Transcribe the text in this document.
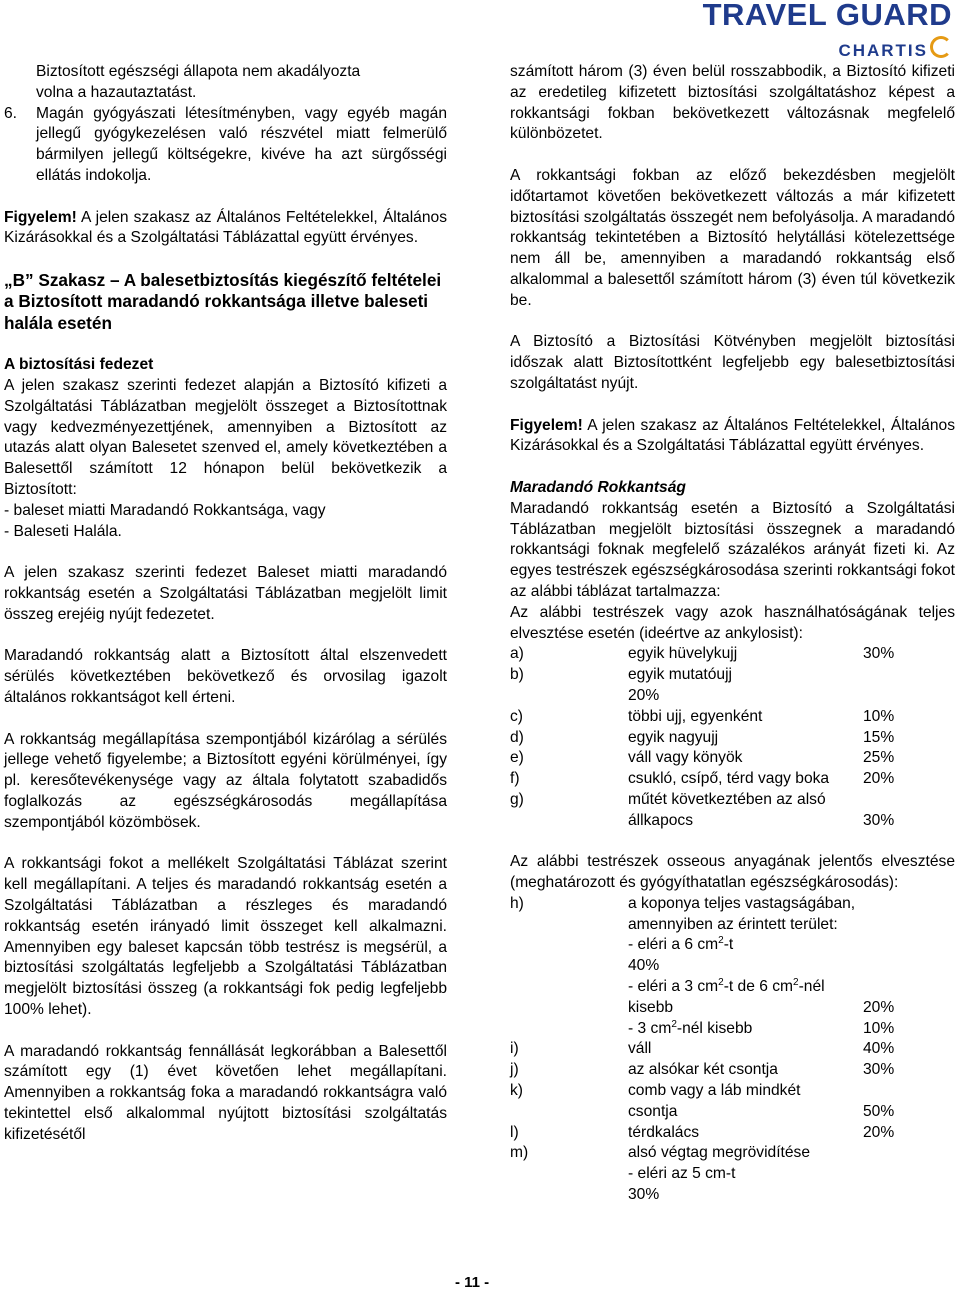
TRAVEL GUARD
CHARTIS
Biztosított egészségi állapota nem akadályozta
volna a hazautaztatást.
6. Magán gyógyászati létesítményben, vagy egyéb magán jellegű gyógykezelésen való részvétel miatt felmerülő bármilyen jellegű költségekre, kivéve ha azt sürgősségi ellátás indokolja.

Figyelem! A jelen szakasz az Általános Feltételekkel, Általános Kizárásokkal és a Szolgáltatási Táblázattal együtt érvényes.

„B” Szakasz – A balesetbiztosítás kiegészítő feltételei a Biztosított maradandó rokkantsága illetve baleseti halála esetén

A biztosítási fedezet

A jelen szakasz szerinti fedezet alapján a Biztosító kifizeti a Szolgáltatási Táblázatban megjelölt összeget a Biztosítottnak vagy kedvezményezettjének, amennyiben a Biztosított az utazás alatt olyan Balesetet szenved el, amely következtében a Balesettől számított 12 hónapon belül bekövetkezik a Biztosított:

- baleset miatti Maradandó Rokkantsága, vagy

- Baleseti Halála.

A jelen szakasz szerinti fedezet Baleset miatti maradandó rokkantság esetén a Szolgáltatási Táblázatban megjelölt limit összeg erejéig nyújt fedezetet.

Maradandó rokkantság alatt a Biztosított által elszenvedett sérülés következtében bekövetkező és orvosilag igazolt általános rokkantságot kell érteni.

A rokkantság megállapítása szempontjából kizárólag a sérülés jellege vehető figyelembe; a Biztosított egyéni körülményei, így pl. keresőtevékenysége vagy az általa folytatott szabadidős foglalkozás az egészségkárosodás megállapítása szempontjából közömbösek.

A rokkantsági fokot a mellékelt Szolgáltatási Táblázat szerint kell megállapítani. A teljes és maradandó rokkantság esetén a Szolgáltatási Táblázatban a részleges és maradandó rokkantság esetén irányadó limit összeget kell alkalmazni. Amennyiben egy baleset kapcsán több testrész is megsérül, a biztosítási szolgáltatás legfeljebb a Szolgáltatási Táblázatban megjelölt biztosítási összeg (a rokkantsági fok pedig legfeljebb 100% lehet).

A maradandó rokkantság fennállását legkorábban a Balesettől számított egy (1) évet követően lehet megállapítani. Amennyiben a rokkantság foka a maradandó rokkantságra való tekintettel első alkalommal nyújtott biztosítási szolgáltatás kifizetésétől

számított három (3) éven belül rosszabbodik, a Biztosító kifizeti az eredetileg kifizetett biztosítási szolgáltatáshoz képest a rokkantsági fokban bekövetkezett változásnak megfelelő különbözetet.

A rokkantsági fokban az előző bekezdésben megjelölt időtartamot követően bekövetkezett változás a már kifizetett biztosítási szolgáltatás összegét nem befolyásolja. A maradandó rokkantság tekintetében a Biztosító helytállási kötelezettsége nem áll be, amennyiben a maradandó rokkantság első alkalommal a balesettől számított három (3) éven túl következik be.

A Biztosító a Biztosítási Kötvényben megjelölt biztosítási időszak alatt Biztosítottként legfeljebb egy balesetbiztosítási szolgáltatást nyújt.

Figyelem! A jelen szakasz az Általános Feltételekkel, Általános Kizárásokkal és a Szolgáltatási Táblázattal együtt érvényes.

Maradandó Rokkantság

Maradandó rokkantság esetén a Biztosító a Szolgáltatási Táblázatban megjelölt biztosítási összegnek a maradandó rokkantsági foknak megfelelő százalékos arányát fizeti ki. Az egyes testrészek egészségkárosodása szerinti rokkantsági fokot az alábbi táblázat tartalmazza:

Az alábbi testrészek vagy azok használhatóságának teljes elvesztése esetén (ideértve az ankylosist):

a)	egyik hüvelykujj	30%
b)	egyik mutatóujj
20%
c)	többi ujj, egyenként	10%
d)	egyik nagyujj	15%
e)	váll vagy könyök	25%
f)	csukló, csípő, térd vagy boka 20%
g)	műtét következtében az alsó
állkapocs	30%

Az alábbi testrészek osseous anyagának jelentős elvesztése (meghatározott és gyógyíthatatlan egészségkárosodás):

h)	a koponya teljes vastagságában,
amennyiben az érintett terület:
- eléri a 6 $cm^2-t$
40%
- eléri a 3 $cm^2-t$ de 6 $cm^2$-nél
kisebb	20%
- 3 $cm^2$-nél kisebb	10%
i)	váll	40%
j)	az alsókar két csontja	30%
k)	comb vagy a láb mindkét
csontja	50%
l)	térdkalács	20%
m)	alsó végtag megrövidítése
- eléri az 5 cm-t
30%
- 11 -
